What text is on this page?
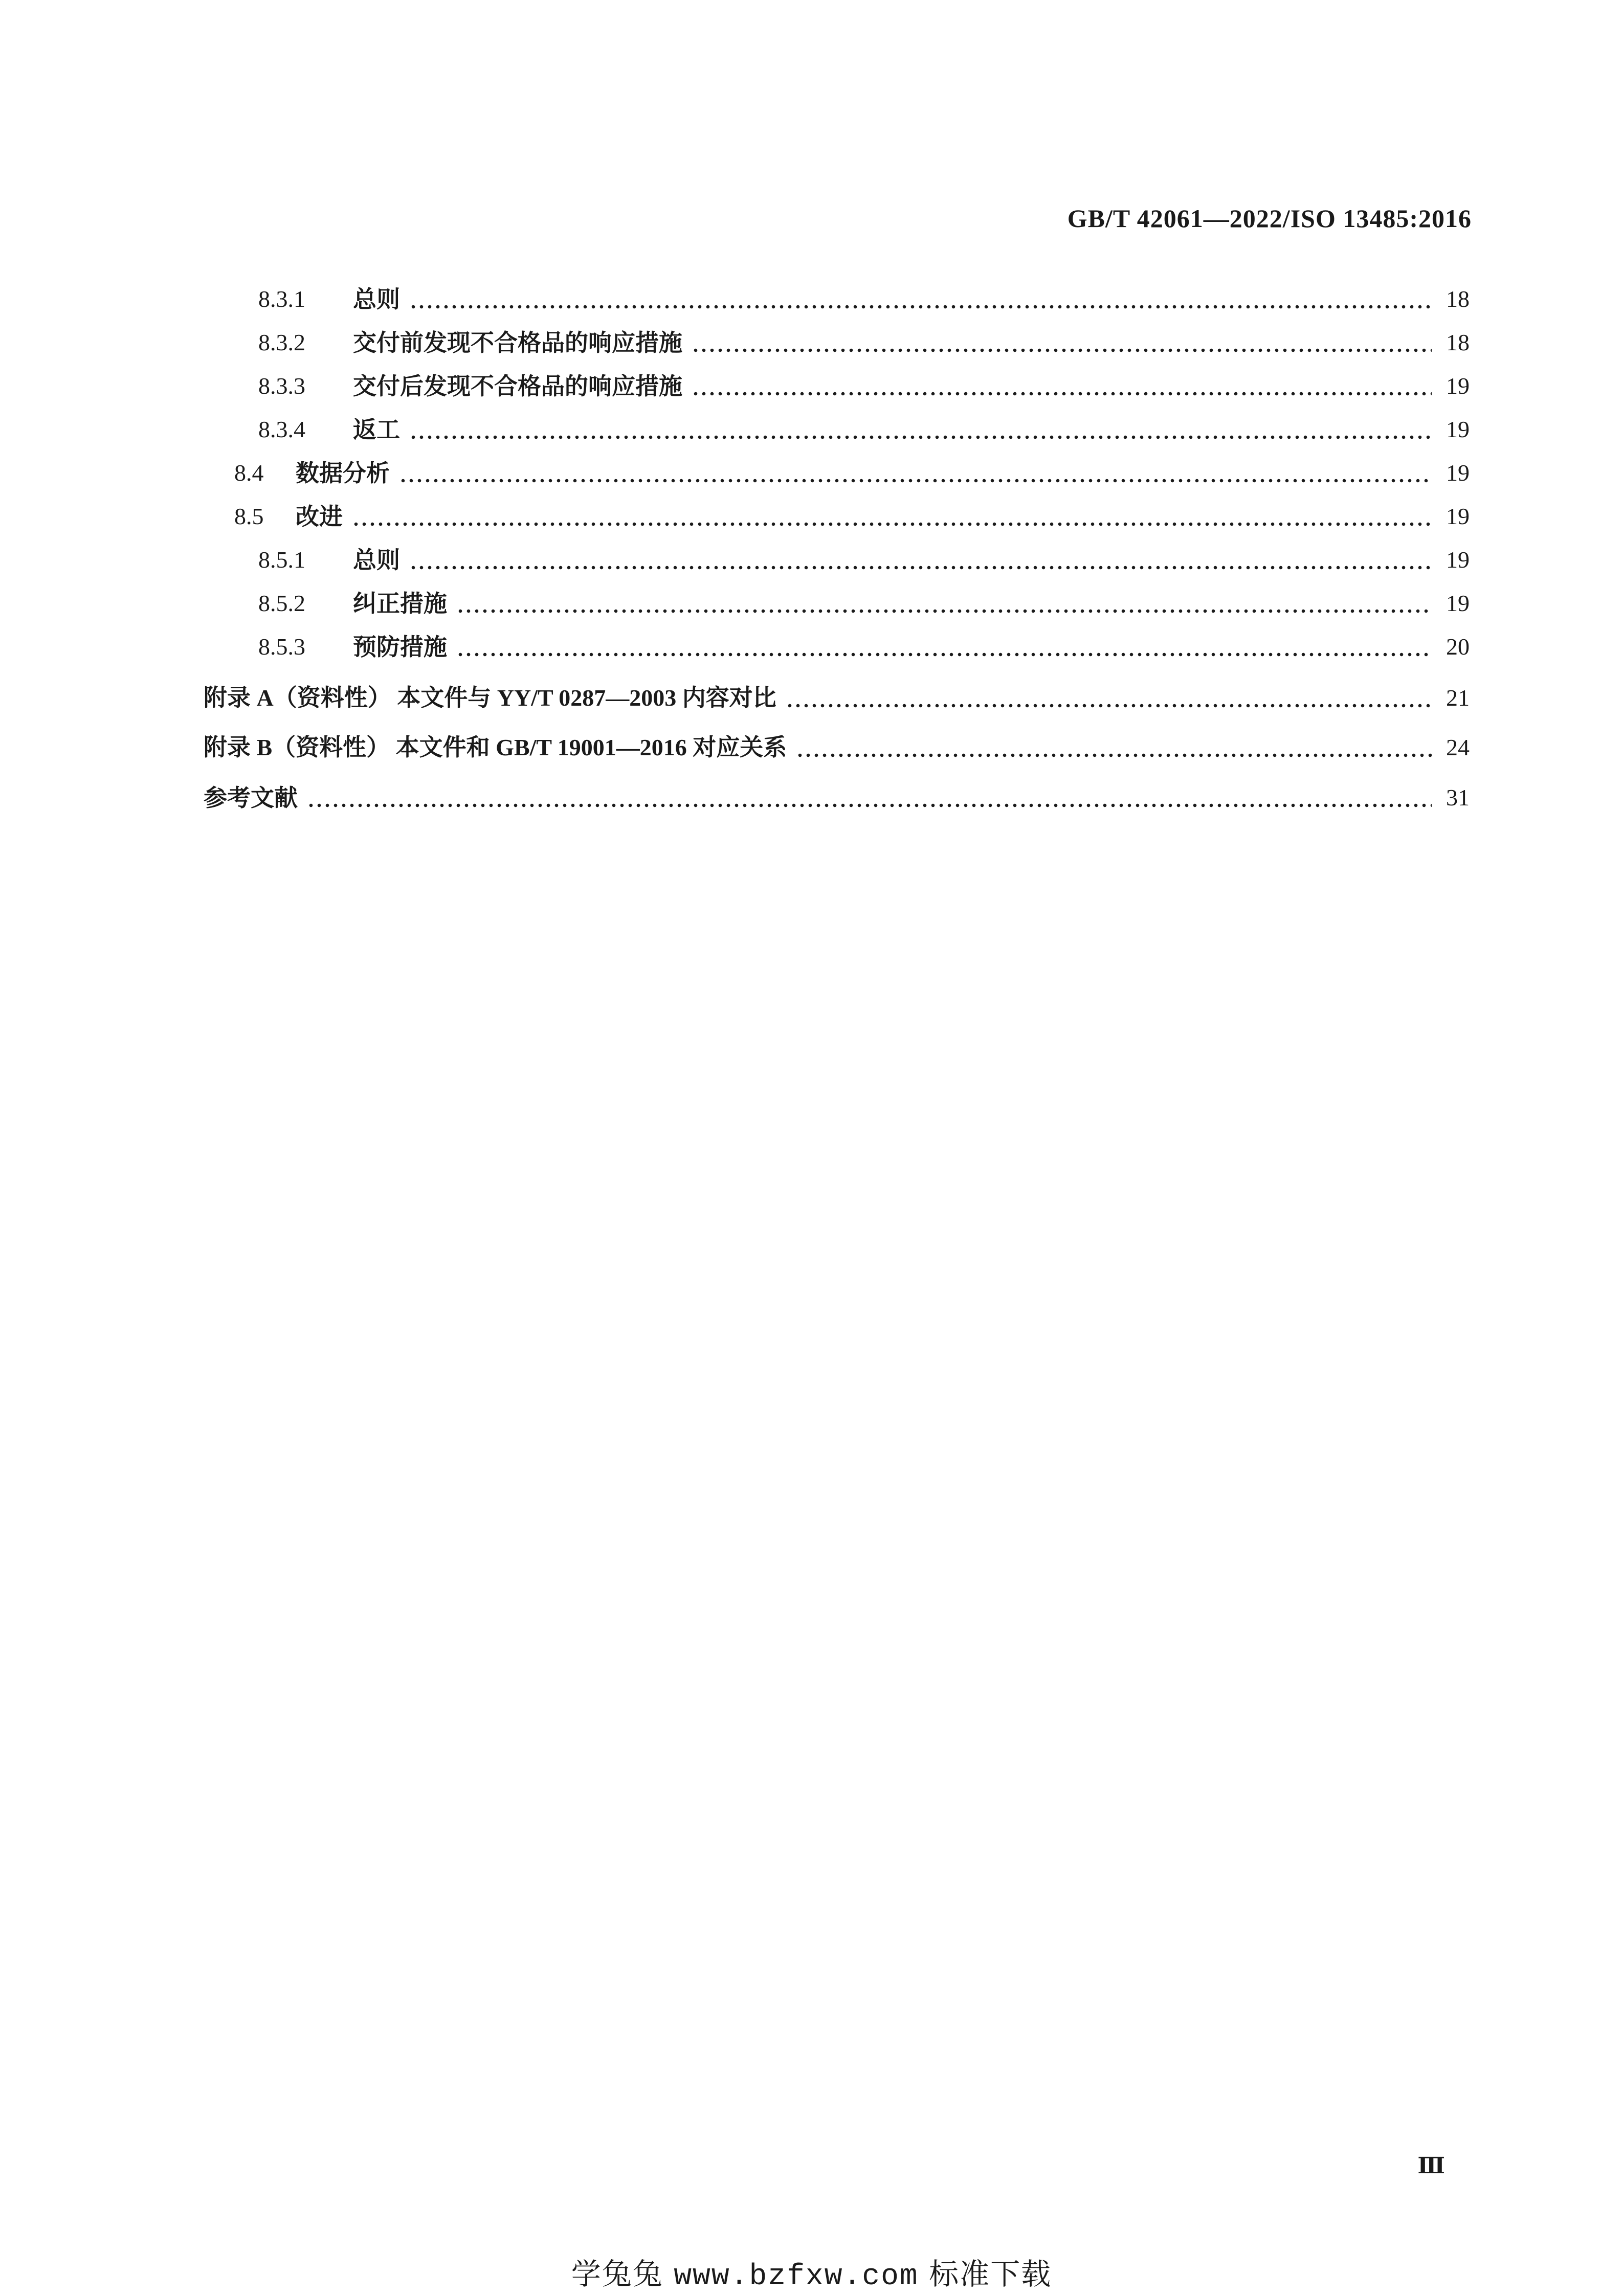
GB/T 42061—2022/ISO 13485:2016
8.3.1	总则	18
8.3.2	交付前发现不合格品的响应措施	18
8.3.3	交付后发现不合格品的响应措施	19
8.3.4	返工	19
8.4	数据分析	19
8.5	改进	19
8.5.1	总则	19
8.5.2	纠正措施	19
8.5.3	预防措施	20
附录 A（资料性） 本文件与 YY/T 0287—2003 内容对比	21
附录 B（资料性） 本文件和 GB/T 19001—2016 对应关系	24
参考文献	31
Ⅲ
学兔兔 www.bzfxw.com 标准下载
